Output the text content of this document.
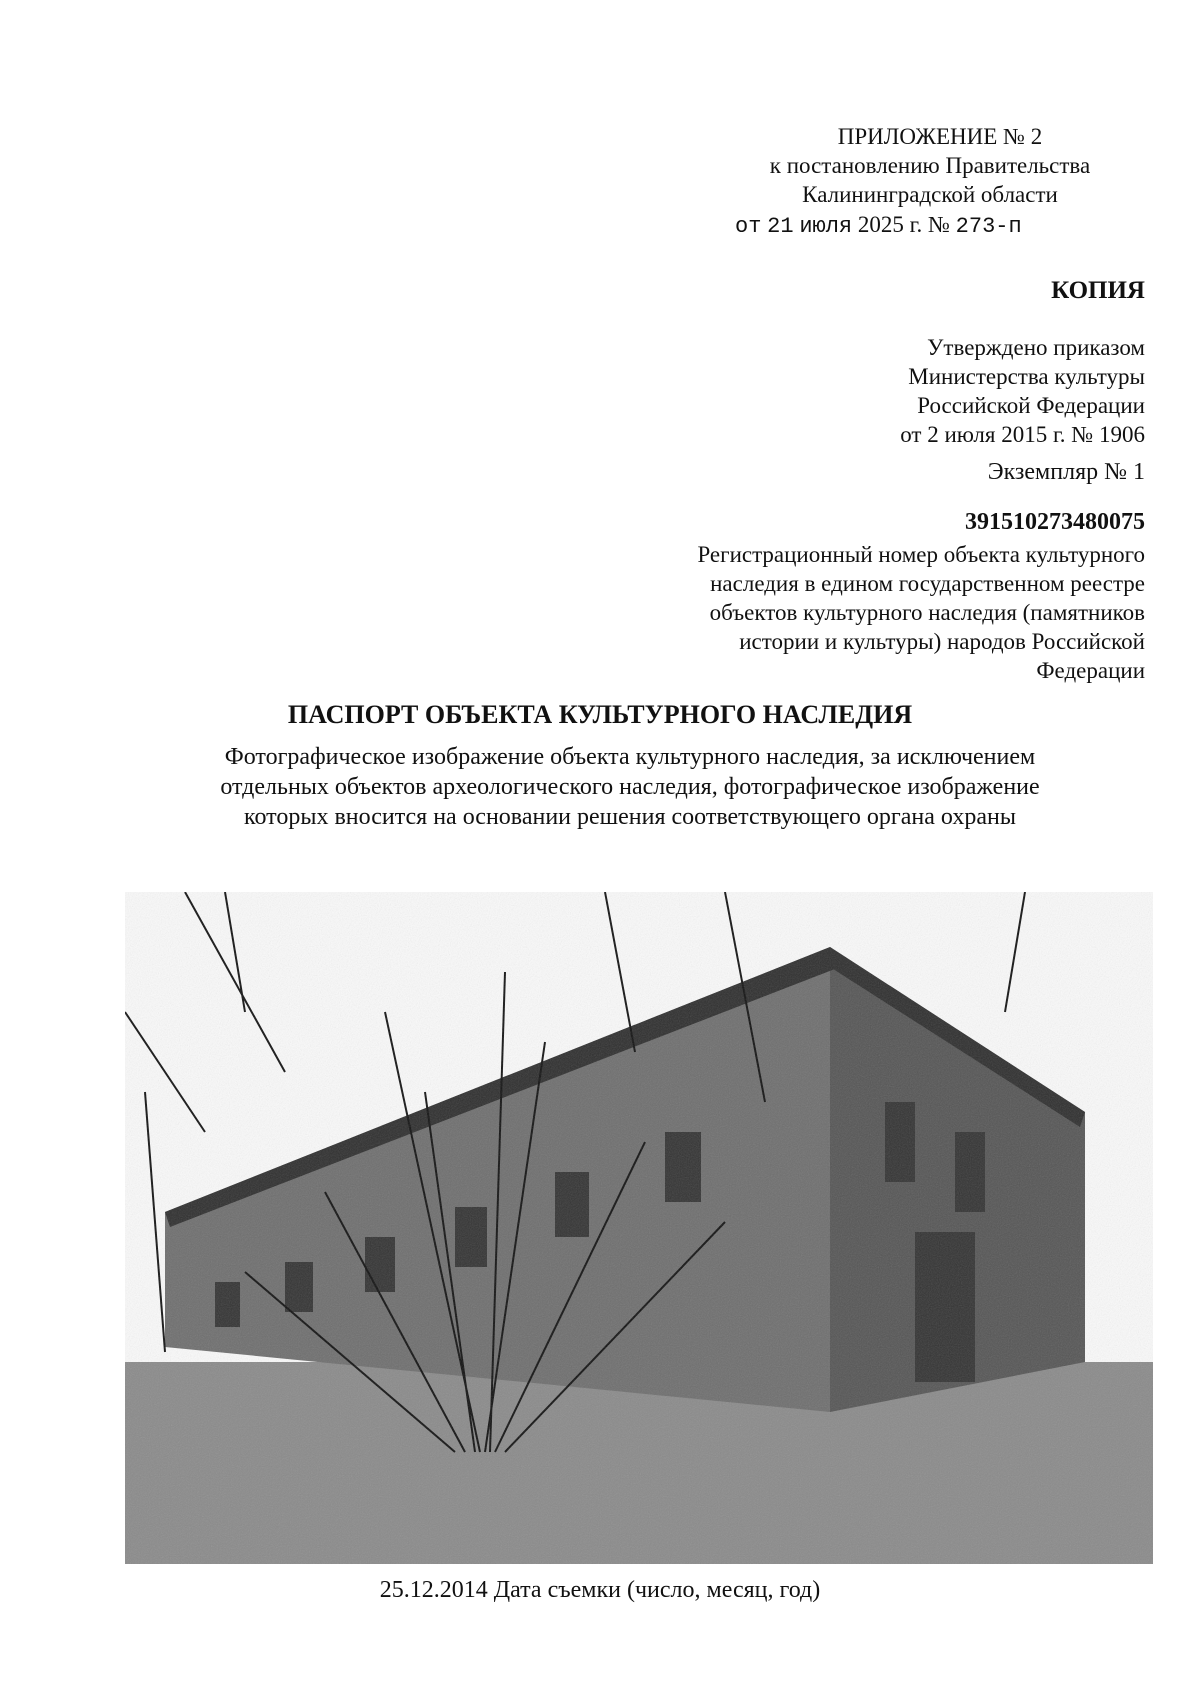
ПРИЛОЖЕНИЕ № 2
к постановлению Правительства
Калининградской области
от 21 июля 2025 г. № 273-п
КОПИЯ
Утверждено приказом
Министерства культуры
Российской Федерации
от 2 июля 2015 г. № 1906
Экземпляр № 1
391510273480075
Регистрационный номер объекта культурного
наследия в едином государственном реестре
объектов культурного наследия (памятников
истории и культуры) народов Российской
Федерации
ПАСПОРТ ОБЪЕКТА КУЛЬТУРНОГО НАСЛЕДИЯ
Фотографическое изображение объекта культурного наследия, за исключением
отдельных объектов археологического наследия, фотографическое изображение
которых вносится на основании решения соответствующего органа охраны
25.12.2014 Дата съемки (число, месяц, год)
